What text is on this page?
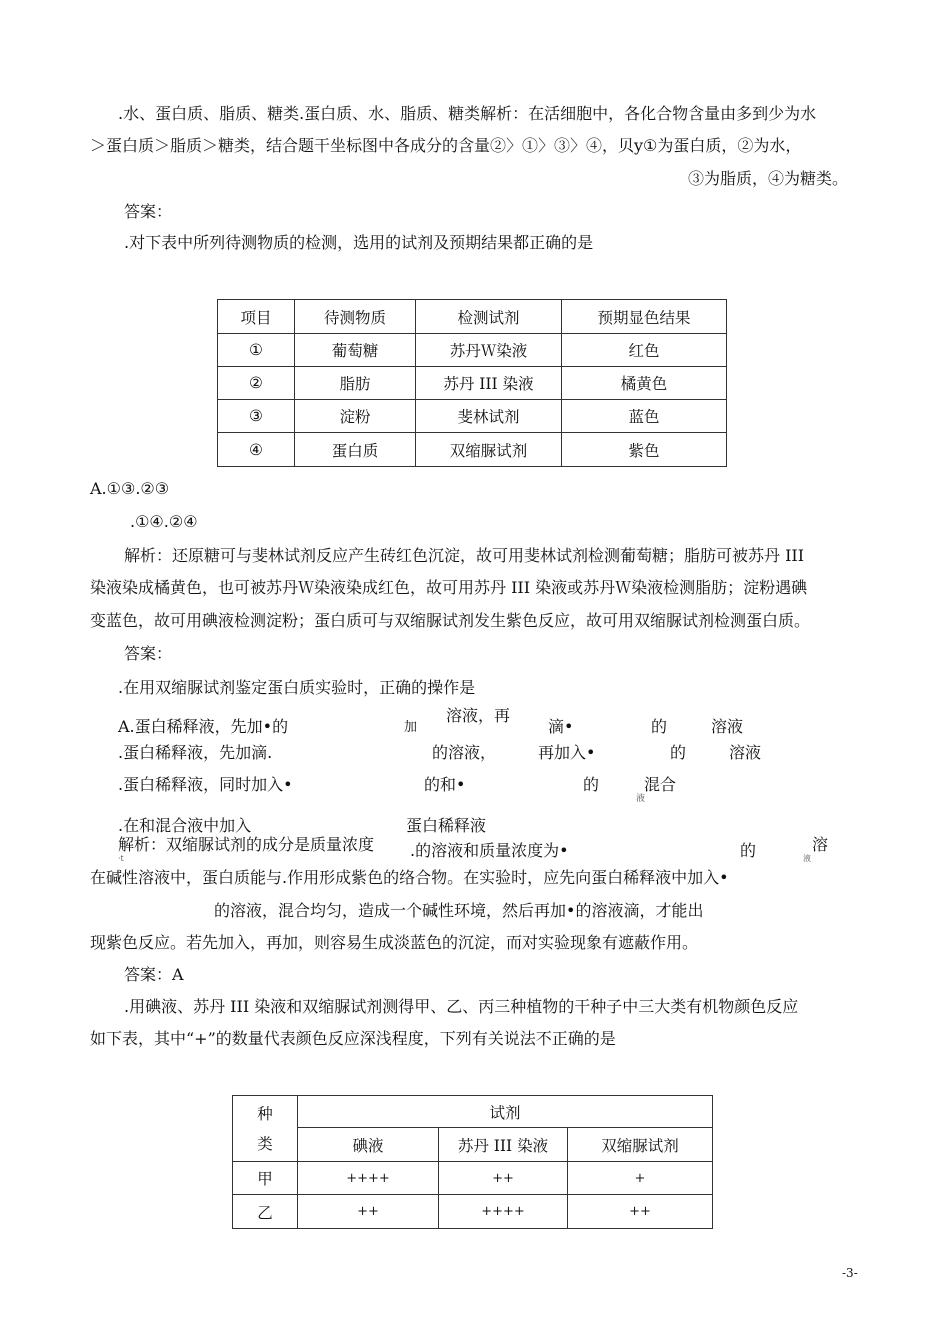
.水、蛋白质、脂质、糖类.蛋白质、水、脂质、糖类解析：在活细胞中，各化合物含量由多到少为水
＞蛋白质＞脂质＞糖类，结合题干坐标图中各成分的含量②〉①〉③〉④，贝y①为蛋白质，②为水，
③为脂质，④为糖类。
答案：
.对下表中所列待测物质的检测，选用的试剂及预期结果都正确的是
项目	待测物质	检测试剂	预期显色结果
①	葡萄糖	苏丹Ｗ染液	红色
②	脂肪	苏丹 III 染液	橘黄色
③	淀粉	斐林试剂	蓝色
④	蛋白质	双缩脲试剂	紫色
A.①③.②③
.①④.②④
解析：还原糖可与斐林试剂反应产生砖红色沉淀，故可用斐林试剂检测葡萄糖；脂肪可被苏丹 III
染液染成橘黄色，也可被苏丹Ｗ染液染成红色，故可用苏丹 III 染液或苏丹Ｗ染液检测脂肪；淀粉遇碘
变蓝色，故可用碘液检测淀粉；蛋白质可与双缩脲试剂发生紫色反应，故可用双缩脲试剂检测蛋白质。
答案：
.在用双缩脲试剂鉴定蛋白质实验时，正确的操作是
A.蛋白稀释液，先加•的	加
溶液，再
滴•	的	溶液
.蛋白稀释液，先加滴.	的溶液，	再加入•	的	溶液
.蛋白稀释液，同时加入•	的和•	的	混合
液
.在和混合液中加入	蛋白稀释液
解析：双缩脲试剂的成分是质量浓度
·t	.的溶液和质量浓度为•	的	溶
液
在碱性溶液中，蛋白质能与.作用形成紫色的络合物。在实验时，应先向蛋白稀释液中加入•
的溶液，混合均匀，造成一个碱性环境，然后再加•的溶液滴，才能出
现紫色反应。若先加入，再加，则容易生成淡蓝色的沉淀，而对实验现象有遮蔽作用。
答案：A
.用碘液、苏丹 III 染液和双缩脲试剂测得甲、乙、丙三种植物的干种子中三大类有机物颜色反应
如下表，其中“+”的数量代表颜色反应深浅程度，下列有关说法不正确的是
种
类	试剂		
	碘液	苏丹 III 染液	双缩脲试剂
甲	++++	++	+
乙	++	++++	++
-3-
